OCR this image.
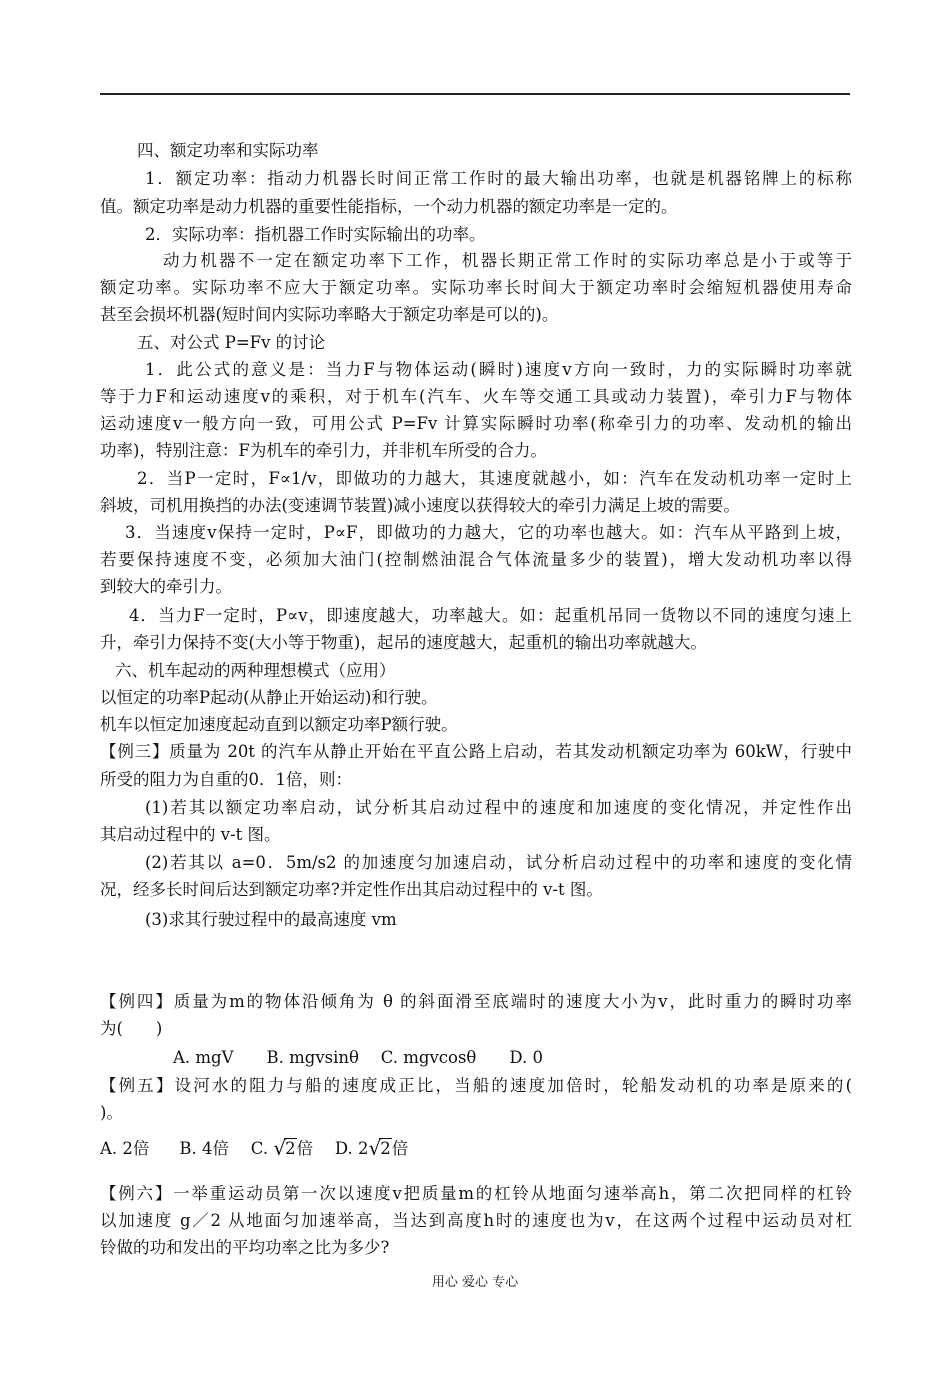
四、额定功率和实际功率
1．额定功率：指动力机器长时间正常工作时的最大输出功率，也就是机器铭牌上的标称
值。额定功率是动力机器的重要性能指标，一个动力机器的额定功率是一定的。
2．实际功率：指机器工作时实际输出的功率。
动力机器不一定在额定功率下工作，机器长期正常工作时的实际功率总是小于或等于
额定功率。实际功率不应大于额定功率。实际功率长时间大于额定功率时会缩短机器使用寿命
甚至会损坏机器(短时间内实际功率略大于额定功率是可以的)。
五、对公式 P=Fv 的讨论
1．此公式的意义是：当力F与物体运动(瞬时)速度v方向一致时，力的实际瞬时功率就
等于力F和运动速度v的乘积，对于机车(汽车、火车等交通工具或动力装置)，牵引力F与物体
运动速度v一般方向一致，可用公式 P=Fv 计算实际瞬时功率(称牵引力的功率、发动机的输出
功率)，特别注意：F为机车的牵引力，并非机车所受的合力。
2．当P一定时，F∝1/v，即做功的力越大，其速度就越小，如：汽车在发动机功率一定时上
斜坡，司机用换挡的办法(变速调节装置)减小速度以获得较大的牵引力满足上坡的需要。
3．当速度v保持一定时，P∝F，即做功的力越大，它的功率也越大。如：汽车从平路到上坡，
若要保持速度不变，必须加大油门(控制燃油混合气体流量多少的装置)，增大发动机功率以得
到较大的牵引力。
4．当力F一定时，P∝v，即速度越大，功率越大。如：起重机吊同一货物以不同的速度匀速上
升，牵引力保持不变(大小等于物重)，起吊的速度越大，起重机的输出功率就越大。
六、机车起动的两种理想模式（应用）
以恒定的功率P起动(从静止开始运动)和行驶。
机车以恒定加速度起动直到以额定功率P额行驶。
【例三】质量为 20t 的汽车从静止开始在平直公路上启动，若其发动机额定功率为 60kW，行驶中
所受的阻力为自重的0．1倍，则：
(1)若其以额定功率启动，试分析其启动过程中的速度和加速度的变化情况，并定性作出
其启动过程中的 v-t 图。
(2)若其以 a=0．5m/s2 的加速度匀加速启动，试分析启动过程中的功率和速度的变化情
况，经多长时间后达到额定功率?并定性作出其启动过程中的 v-t 图。
(3)求其行驶过程中的最高速度 vm
【例四】质量为m的物体沿倾角为 θ 的斜面滑至底端时的速度大小为v，此时重力的瞬时功率
为(　　)
A. mgV　　B. mgvsinθ　 C. mgvcosθ　　D. 0
【例五】设河水的阻力与船的速度成正比，当船的速度加倍时，轮船发动机的功率是原来的(
)。
A. 2倍　  B. 4倍　 C. √2倍　 D. 2√2倍
【例六】一举重运动员第一次以速度v把质量m的杠铃从地面匀速举高h，第二次把同样的杠铃
以加速度 g／2 从地面匀加速举高，当达到高度h时的速度也为v，在这两个过程中运动员对杠
铃做的功和发出的平均功率之比为多少?
用心 爱心 专心
